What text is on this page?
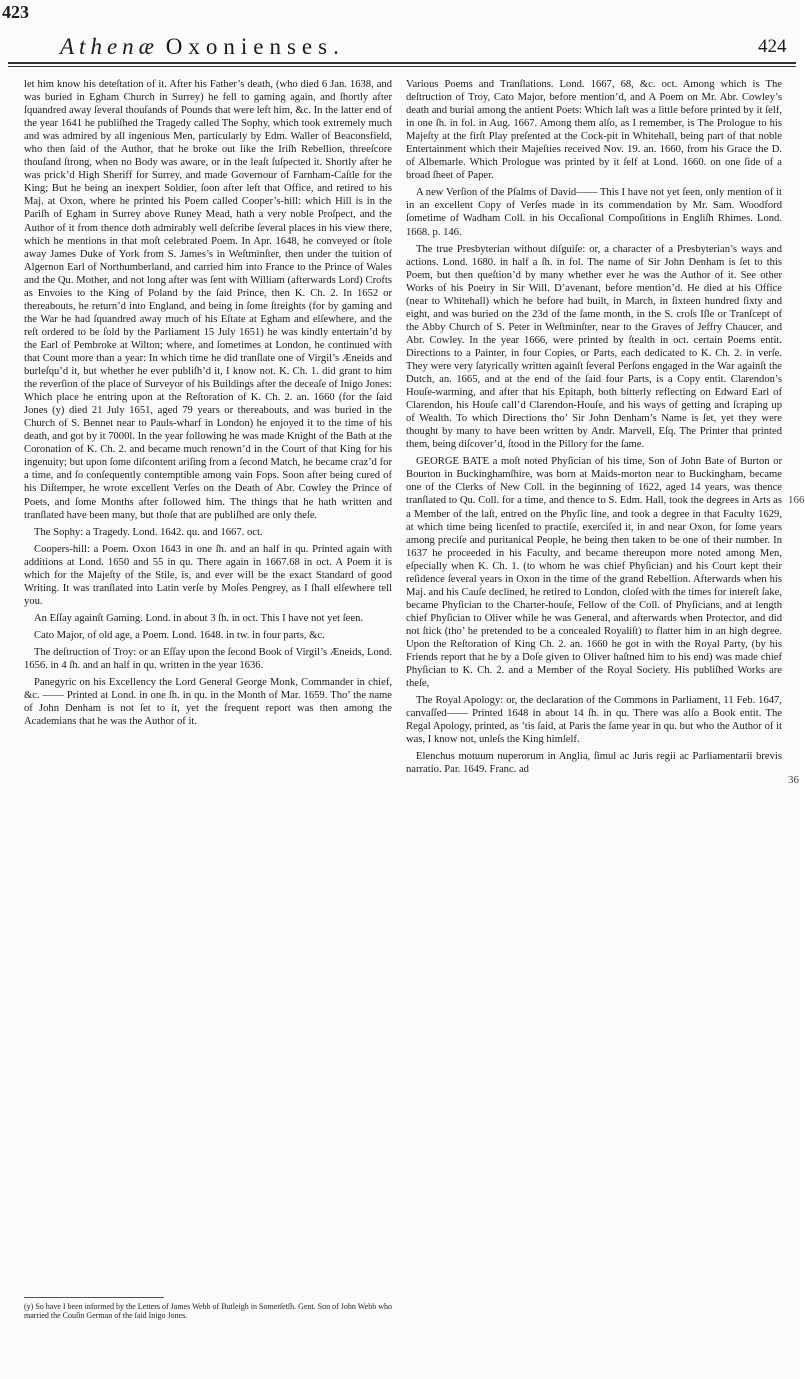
423
Athenæ Oxonienses.	424

let him know his deteſtation of it. After his Father’s death, (who died 6 Jan. 1638, and was buried in Egham Church in Surrey) he fell to gaming again, and ſhortly after ſquandred away ſeveral thouſands of Pounds that were left him, &c. In the latter end of the year 1641 he publiſhed the Tragedy called The Sophy, which took extremely much and was admired by all ingenious Men, particularly by Edm. Waller of Beaconsfield, who then ſaid of the Author, that he broke out like the Iriſh Rebellion, threeſcore thouſand ſtrong, when no Body was aware, or in the leaſt ſuſpected it. Shortly after he was prick’d High Sheriff for Surrey, and made Governour of Farnham-Caſtle for the King; But he being an inexpert Soldier, ſoon after left that Office, and retired to his Maj. at Oxon, where he printed his Poem called Cooper’s-hill: which Hill is in the Pariſh of Egham in Surrey above Runey Mead, hath a very noble Proſpect, and the Author of it from thence doth admirably well deſcribe ſeveral places in his view there, which he mentions in that moſt celebrated Poem. In Apr. 1648, he conveyed or ſtole away James Duke of York from S. James’s in Weſtminſter, then under the tuition of Algernon Earl of Northumberland, and carried him into France to the Prince of Wales and the Qu. Mother, and not long after was ſent with William (afterwards Lord) Crofts as Envoies to the King of Poland by the ſaid Prince, then K. Ch. 2. In 1652 or thereabouts, he return’d into England, and being in ſome ſtreights (for by gaming and the War he had ſquandred away much of his Eſtate at Egham and elſewhere, and the reſt ordered to be ſold by the Parliament 15 July 1651) he was kindly entertain’d by the Earl of Pembroke at Wilton; where, and ſometimes at London, he continued with that Count more than a year: In which time he did tranſlate one of Virgil’s Æneids and burleſqu’d it, but whether he ever publiſh’d it, I know not. K. Ch. 1. did grant to him the reverſion of the place of Surveyor of his Buildings after the deceaſe of Inigo Jones: Which place he entring upon at the Reſtoration of K. Ch. 2. an. 1660 (for the ſaid Jones (y) died 21 July 1651, aged 79 years or thereabouts, and was buried in the Church of S. Bennet near to Pauls-wharf in London) he enjoyed it to the time of his death, and got by it 7000l. In the year following he was made Knight of the Bath at the Coronation of K. Ch. 2. and became much renown’d in the Court of that King for his ingenuity; but upon ſome diſcontent ariſing from a ſecond Match, he became craz’d for a time, and ſo conſequently contemptible among vain Fops. Soon after being cured of his Diſtemper, he wrote excellent Verſes on the Death of Abr. Cowley the Prince of Poets, and ſome Months after followed him. The things that he hath written and tranſlated have been many, but thoſe that are publiſhed are only theſe.

The Sophy: a Tragedy. Lond. 1642. qu. and 1667. oct.

Coopers-hill: a Poem. Oxon 1643 in one ſh. and an half in qu. Printed again with additions at Lond. 1650 and 55 in qu. There again in 1667.68 in oct. A Poem it is which for the Majeſty of the Stile, is, and ever will be the exact Standard of good Writing. It was tranſlated into Latin verſe by Moſes Pengrey, as I ſhall elſewhere tell you.

An Eſſay againſt Gaming. Lond. in about 3 ſh. in oct. This I have not yet ſeen.

Cato Major, of old age, a Poem. Lond. 1648. in tw. in four parts, &c.

The deſtruction of Troy: or an Eſſay upon the ſecond Book of Virgil’s Æneids, Lond. 1656. in 4 ſh. and an half in qu. written in the year 1636.

Panegyric on his Excellency the Lord General George Monk, Commander in chief, &c. —— Printed at Lond. in one ſh. in qu. in the Month of Mar. 1659. Tho’ the name of John Denham is not ſet to it, yet the frequent report was then among the Academians that he was the Author of it.

(y) So have I been informed by the Letters of James Webb of Butleigh in Somerſetſh. Gent. Son of John Webb who married the Couſin German of the ſaid Inigo Jones.

Various Poems and Tranſlations. Lond. 1667, 68, &c. oct. Among which is The deſtruction of Troy, Cato Major, before mention’d, and A Poem on Mr. Abr. Cowley’s death and burial among the antient Poets: Which laſt was a little before printed by it ſelf, in one ſh. in fol. in Aug. 1667. Among them alſo, as I remember, is The Prologue to his Majeſty at the firſt Play preſented at the Cock-pit in Whitehall, being part of that noble Entertainment which their Majeſties received Nov. 19. an. 1660, from his Grace the D. of Albemarle. Which Prologue was printed by it ſelf at Lond. 1660. on one ſide of a broad ſheet of Paper.

A new Verſion of the Pſalms of David—— This I have not yet ſeen, only mention of it in an excellent Copy of Verſes made in its commendation by Mr. Sam. Woodford ſometime of Wadham Coll. in his Occaſional Compoſitions in Engliſh Rhimes. Lond. 1668. p. 146.

The true Presbyterian without diſguiſe: or, a character of a Presbyterian’s ways and actions. Lond. 1680. in half a ſh. in fol. The name of Sir John Denham is ſet to this Poem, but then queſtion’d by many whether ever he was the Author of it. See other Works of his Poetry in Sir Will. D’avenant, before mention’d. He died at his Office (near to Whitehall) which he before had built, in March, in ſixteen hundred ſixty and eight, and was buried on the 23d of the ſame month, in the S. croſs Iſle or Tranſcept of the Abby Church of S. Peter in Weſtminſter, near to the Graves of Jeffry Chaucer, and Abr. Cowley. In the year 1666, were printed by ſtealth in oct. certain Poems entit. Directions to a Painter, in four Copies, or Parts, each dedicated to K. Ch. 2. in verſe. They were very ſatyrically written againſt ſeveral Perſons engaged in the War againſt the Dutch, an. 1665, and at the end of the ſaid four Parts, is a Copy entit. Clarendon’s Houſe-warming, and after that his Epitaph, both bitterly reflecting on Edward Earl of Clarendon, his Houſe call’d Clarendon-Houſe, and his ways of getting and ſcraping up of Wealth. To which Directions tho’ Sir John Denham’s Name is ſet, yet they were thought by many to have been written by Andr. Marvell, Eſq. The Printer that printed them, being diſcover’d, ſtood in the Pillory for the ſame.

GEORGE BATE a moſt noted Phyſician of his time, Son of John Bate of Burton or Bourton in Buckinghamſhire, was born at Maids-morton near to Buckingham, became one of the Clerks of New Coll. in the beginning of 1622, aged 14 years, was thence tranſlated to Qu. Coll. for a time, and thence to S. Edm. Hall, took the degrees in Arts as a Member of the laſt, entred on the Phyſic line, and took a degree in that Faculty 1629, at which time being licenſed to practiſe, exerciſed it, in and near Oxon, for ſome years among preciſe and puritanical People, he being then taken to be one of their number. In 1637 he proceeded in his Faculty, and became thereupon more noted among Men, eſpecially when K. Ch. 1. (to whom he was chief Phyſician) and his Court kept their reſidence ſeveral years in Oxon in the time of the grand Rebellion. Afterwards when his Maj. and his Cauſe declined, he retired to London, cloſed with the times for intereſt ſake, became Phyſician to the Charter-houſe, Fellow of the Coll. of Phyſicians, and at length chief Phyſician to Oliver while he was General, and afterwards when Protector, and did not ſtick (tho’ he pretended to be a concealed Royaliſt) to flatter him in an high degree. Upon the Reſtoration of King Ch. 2. an. 1660 he got in with the Royal Party, (by his Friends report that he by a Doſe given to Oliver haſtned him to his end) was made chief Phyſician to K. Ch. 2. and a Member of the Royal Society. His publiſhed Works are theſe,

The Royal Apology: or, the declaration of the Commons in Parliament, 11 Feb. 1647, canvaſſed—— Printed 1648 in about 14 ſh. in qu. There was alſo a Book entit. The Regal Apology, printed, as ’tis ſaid, at Paris the ſame year in qu. but who the Author of it was, I know not, unleſs the King himſelf.

Elenchus motuum nuperorum in Anglia, ſimul ac Juris regii ac Parliamentarii brevis narratio. Par. 1649. Franc. ad

166
36
